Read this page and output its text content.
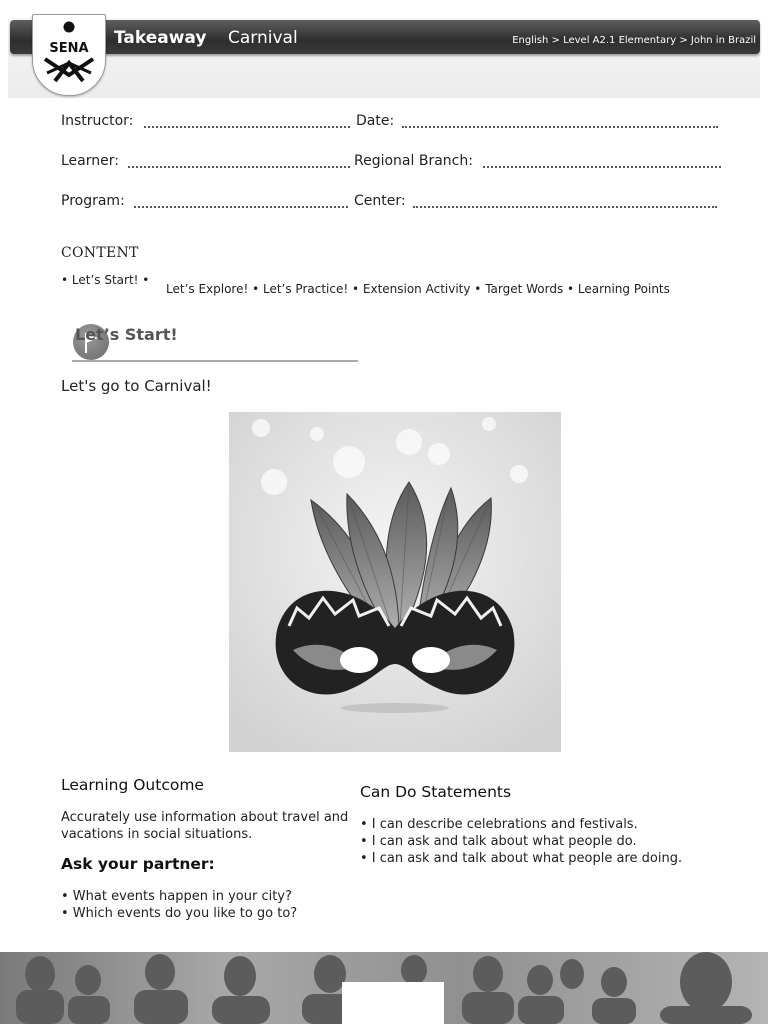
Takeaway Carnival	English > Level A2.1 Elementary > John in Brazil
SENA
Instructor:	Date:
Learner:	Regional Branch:
Program:	Center:
CONTENT
• Let’s Start! •
Let’s Explore! • Let’s Practice! • Extension Activity • Target Words • Learning Points
Let’s Start!
Let's go to Carnival!
Learning Outcome
Accurately use information about travel and vacations in social situations.
Ask your partner:
• What events happen in your city?
• Which events do you like to go to?
Can Do Statements
• I can describe celebrations and festivals.
• I can ask and talk about what people do.
• I can ask and talk about what people are doing.
